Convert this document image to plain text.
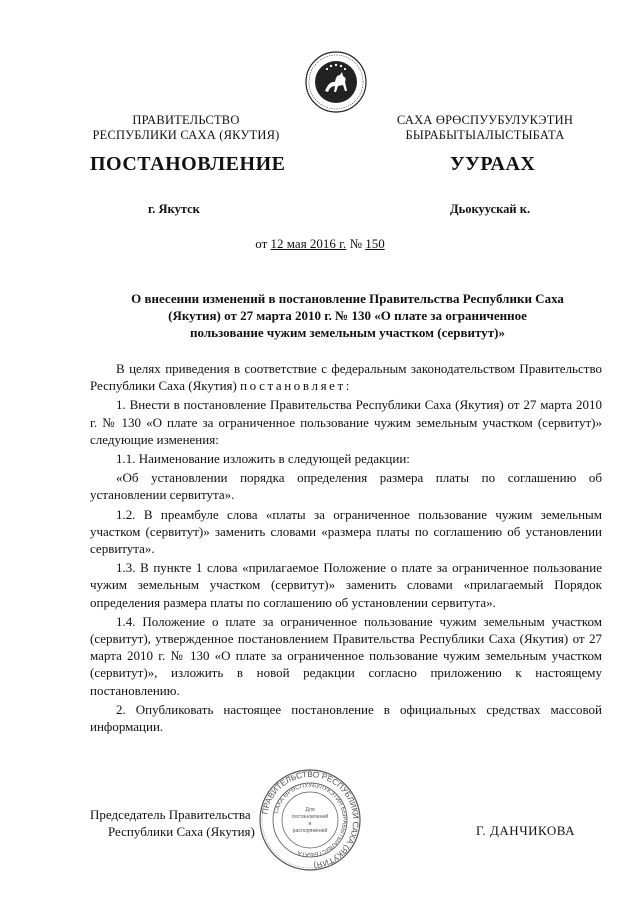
ПРАВИТЕЛЬСТВО
РЕСПУБЛИКИ САХА (ЯКУТИЯ)
САХА ӨРӨСПУУБУЛУКЭТИН
БЫРАБЫТЫАЛЫСТЫБАТА
ПОСТАНОВЛЕНИЕ	УУРААХ
г. Якутск	Дьокуускай к.
от 12 мая 2016 г. № 150
О внесении изменений в постановление Правительства Республики Саха
(Якутия) от 27 марта 2010 г. № 130 «О плате за ограниченное
пользование чужим земельным участком (сервитут)»

В целях приведения в соответствие с федеральным законодательством Правительство Республики Саха (Якутия) постановляет:

1. Внести в постановление Правительства Республики Саха (Якутия) от 27 марта 2010 г. № 130 «О плате за ограниченное пользование чужим земельным участком (сервитут)» следующие изменения:

1.1. Наименование изложить в следующей редакции:

«Об установлении порядка определения размера платы по соглашению об установлении сервитута».

1.2. В преамбуле слова «платы за ограниченное пользование чужим земельным участком (сервитут)» заменить словами «размера платы по соглашению об установлении сервитута».

1.3. В пункте 1 слова «прилагаемое Положение о плате за ограниченное пользование чужим земельным участком (сервитут)» заменить словами «прилагаемый Порядок определения размера платы по соглашению об установлении сервитута».

1.4. Положение о плате за ограниченное пользование чужим земельным участком (сервитут), утвержденное постановлением Правительства Республики Саха (Якутия) от 27 марта 2010 г. № 130 «О плате за ограниченное пользование чужим земельным участком (сервитут)», изложить в новой редакции согласно приложению к настоящему постановлению.

2. Опубликовать настоящее постановление в официальных средствах массовой информации.

ПРАВИТЕЛЬСТВО РЕСПУБЛИКИ САХА (ЯКУТИЯ)
САХА ӨРӨСПУУБУЛУКЭТИН БЫРАБЫТЫАЛЫСТЫБАТА
Для
постановлений
и
распоряжений
Председатель Правительства
Республики Саха (Якутия)	Г. ДАНЧИКОВА
